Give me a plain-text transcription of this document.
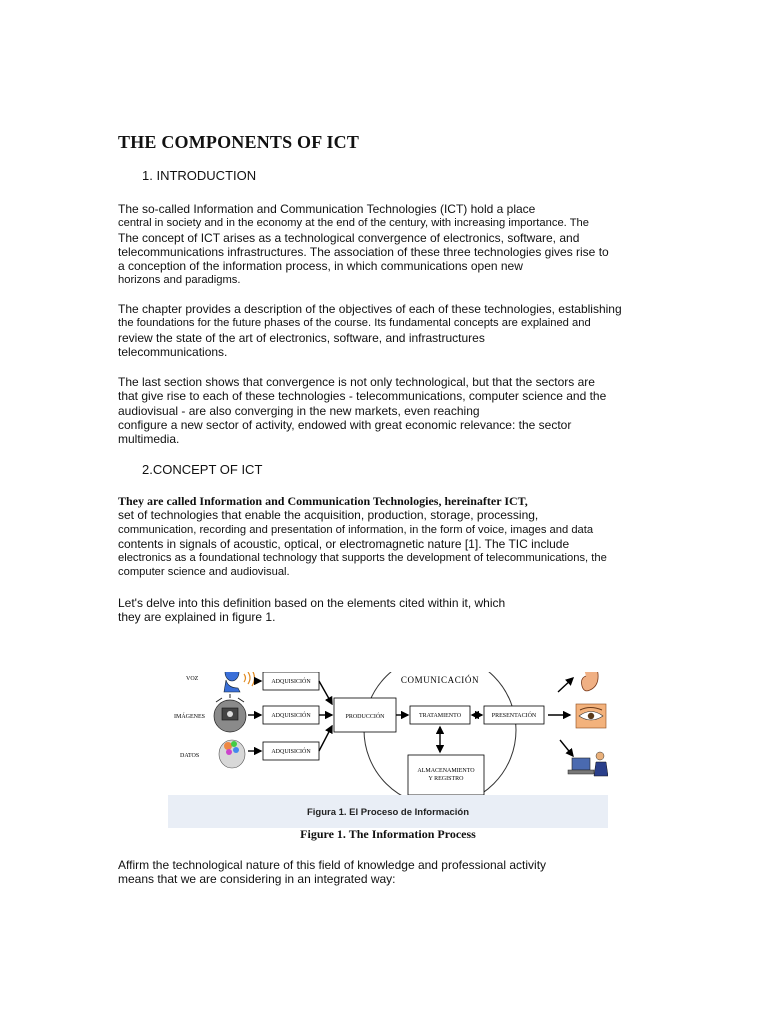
THE COMPONENTS OF ICT

1. INTRODUCTION

The so-called Information and Communication Technologies (ICT) hold a place
central in society and in the economy at the end of the century, with increasing importance. The
The concept of ICT arises as a technological convergence of electronics, software, and
telecommunications infrastructures. The association of these three technologies gives rise to
a conception of the information process, in which communications open new
horizons and paradigms.

The chapter provides a description of the objectives of each of these technologies, establishing
the foundations for the future phases of the course. Its fundamental concepts are explained and
review the state of the art of electronics, software, and infrastructures
telecommunications.

The last section shows that convergence is not only technological, but that the sectors are
that give rise to each of these technologies - telecommunications, computer science and the
audiovisual - are also converging in the new markets, even reaching
configure a new sector of activity, endowed with great economic relevance: the sector
multimedia.

2.CONCEPT OF ICT

They are called Information and Communication Technologies, hereinafter ICT,
set of technologies that enable the acquisition, production, storage, processing,
communication, recording and presentation of information, in the form of voice, images and data
contents in signals of acoustic, optical, or electromagnetic nature [1]. The TIC include
electronics as a foundational technology that supports the development of telecommunications, the
computer science and audiovisual.

Let's delve into this definition based on the elements cited within it, which
they are explained in figure 1.

COMUNICACIÓN
VOZ
IMÁGENES
DATOS
ADQUISICIÓN
ADQUISICIÓN
ADQUISICIÓN
PRODUCCIÓN	TRATAMIENTO	PRESENTACIÓN
ALMACENAMIENTO
Y REGISTRO
Figura 1. El Proceso de Información
Figure 1. The Information Process

Affirm the technological nature of this field of knowledge and professional activity
means that we are considering in an integrated way:
